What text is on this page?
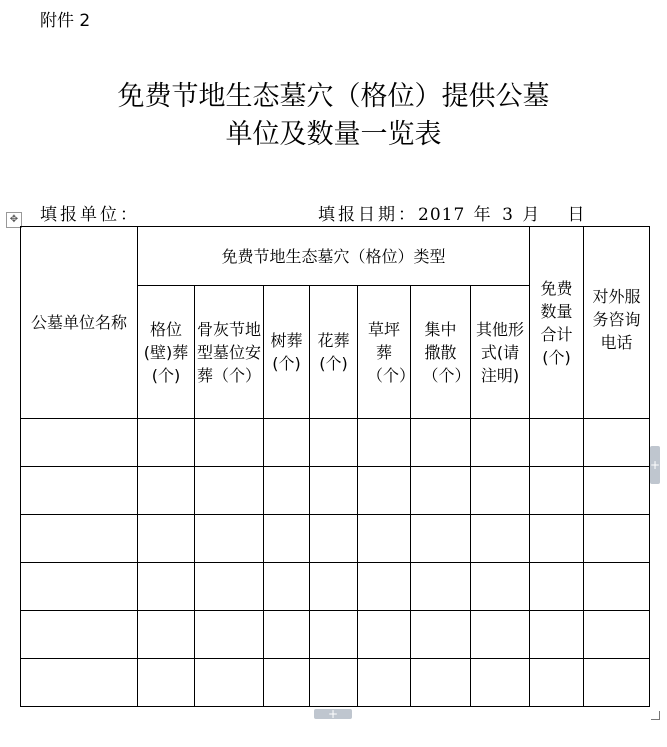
附件 2
免费节地生态墓穴（格位）提供公墓
单位及数量一览表
填报单位：	填报日期：2017 年 3 月 日
✥
公墓单位名称	免费节地生态墓穴（格位）类型							免费数量合计(个)	对外服务咨询电话
	格位(壁)葬(个)	骨灰节地型墓位安葬（个）	树葬(个)	花葬(个)	草坪葬（个）	集中撒散（个）	其他形式(请注明)		

+
+
